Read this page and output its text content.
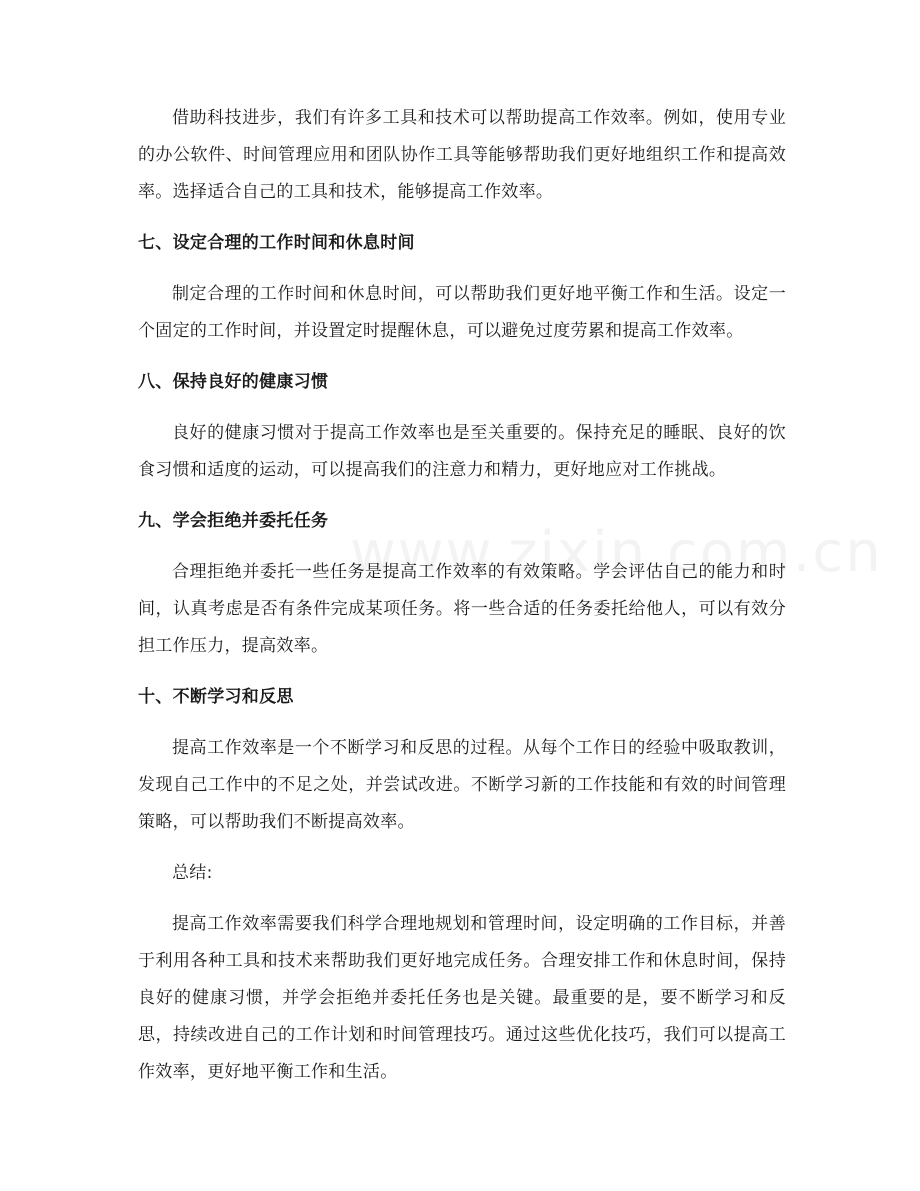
借助科技进步，我们有许多工具和技术可以帮助提高工作效率。例如，使用专业的办公软件、时间管理应用和团队协作工具等能够帮助我们更好地组织工作和提高效率。选择适合自己的工具和技术，能够提高工作效率。

七、设定合理的工作时间和休息时间

制定合理的工作时间和休息时间，可以帮助我们更好地平衡工作和生活。设定一个固定的工作时间，并设置定时提醒休息，可以避免过度劳累和提高工作效率。

八、保持良好的健康习惯

良好的健康习惯对于提高工作效率也是至关重要的。保持充足的睡眠、良好的饮食习惯和适度的运动，可以提高我们的注意力和精力，更好地应对工作挑战。

九、学会拒绝并委托任务

合理拒绝并委托一些任务是提高工作效率的有效策略。学会评估自己的能力和时间，认真考虑是否有条件完成某项任务。将一些合适的任务委托给他人，可以有效分担工作压力，提高效率。

十、不断学习和反思

提高工作效率是一个不断学习和反思的过程。从每个工作日的经验中吸取教训，发现自己工作中的不足之处，并尝试改进。不断学习新的工作技能和有效的时间管理策略，可以帮助我们不断提高效率。

总结:

提高工作效率需要我们科学合理地规划和管理时间，设定明确的工作目标，并善于利用各种工具和技术来帮助我们更好地完成任务。合理安排工作和休息时间，保持良好的健康习惯，并学会拒绝并委托任务也是关键。最重要的是，要不断学习和反思，持续改进自己的工作计划和时间管理技巧。通过这些优化技巧，我们可以提高工作效率，更好地平衡工作和生活。
